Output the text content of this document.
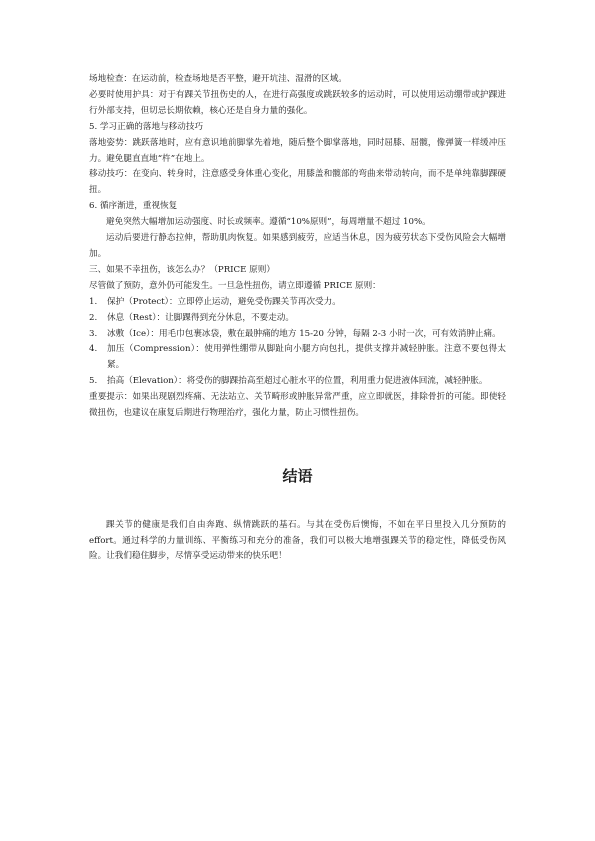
场地检查：在运动前，检查场地是否平整，避开坑洼、湿滑的区域。

必要时使用护具：对于有踝关节扭伤史的人，在进行高强度或跳跃较多的运动时，可以使用运动绷带或护踝进行外部支持，但切忌长期依赖，核心还是自身力量的强化。

5. 学习正确的落地与移动技巧

落地姿势：跳跃落地时，应有意识地前脚掌先着地，随后整个脚掌落地，同时屈膝、屈髋，像弹簧一样缓冲压力。避免腿直直地“杵”在地上。

移动技巧：在变向、转身时，注意感受身体重心变化，用膝盖和髋部的弯曲来带动转向，而不是单纯靠脚踝硬扭。

6. 循序渐进，重视恢复

避免突然大幅增加运动强度、时长或频率。遵循“10%原则”，每周增量不超过 10%。

运动后要进行静态拉伸，帮助肌肉恢复。如果感到疲劳，应适当休息，因为疲劳状态下受伤风险会大幅增加。

三、如果不幸扭伤，该怎么办？（PRICE 原则）

尽管做了预防，意外仍可能发生。一旦急性扭伤，请立即遵循 PRICE 原则：

1.	保护（Protect）：立即停止运动，避免受伤踝关节再次受力。
2.	休息（Rest）：让脚踝得到充分休息，不要走动。
3.	冰敷（Ice）：用毛巾包裹冰袋，敷在最肿痛的地方 15-20 分钟，每隔 2-3 小时一次，可有效消肿止痛。
4.	加压（Compression）：使用弹性绷带从脚趾向小腿方向包扎，提供支撑并减轻肿胀。注意不要包得太紧。
5.	抬高（Elevation）：将受伤的脚踝抬高至超过心脏水平的位置，利用重力促进液体回流，减轻肿胀。

重要提示：如果出现剧烈疼痛、无法站立、关节畸形或肿胀异常严重，应立即就医，排除骨折的可能。即使轻微扭伤，也建议在康复后期进行物理治疗，强化力量，防止习惯性扭伤。

结语

踝关节的健康是我们自由奔跑、纵情跳跃的基石。与其在受伤后懊悔，不如在平日里投入几分预防的 effort。通过科学的力量训练、平衡练习和充分的准备，我们可以极大地增强踝关节的稳定性，降低受伤风险。让我们稳住脚步，尽情享受运动带来的快乐吧！
